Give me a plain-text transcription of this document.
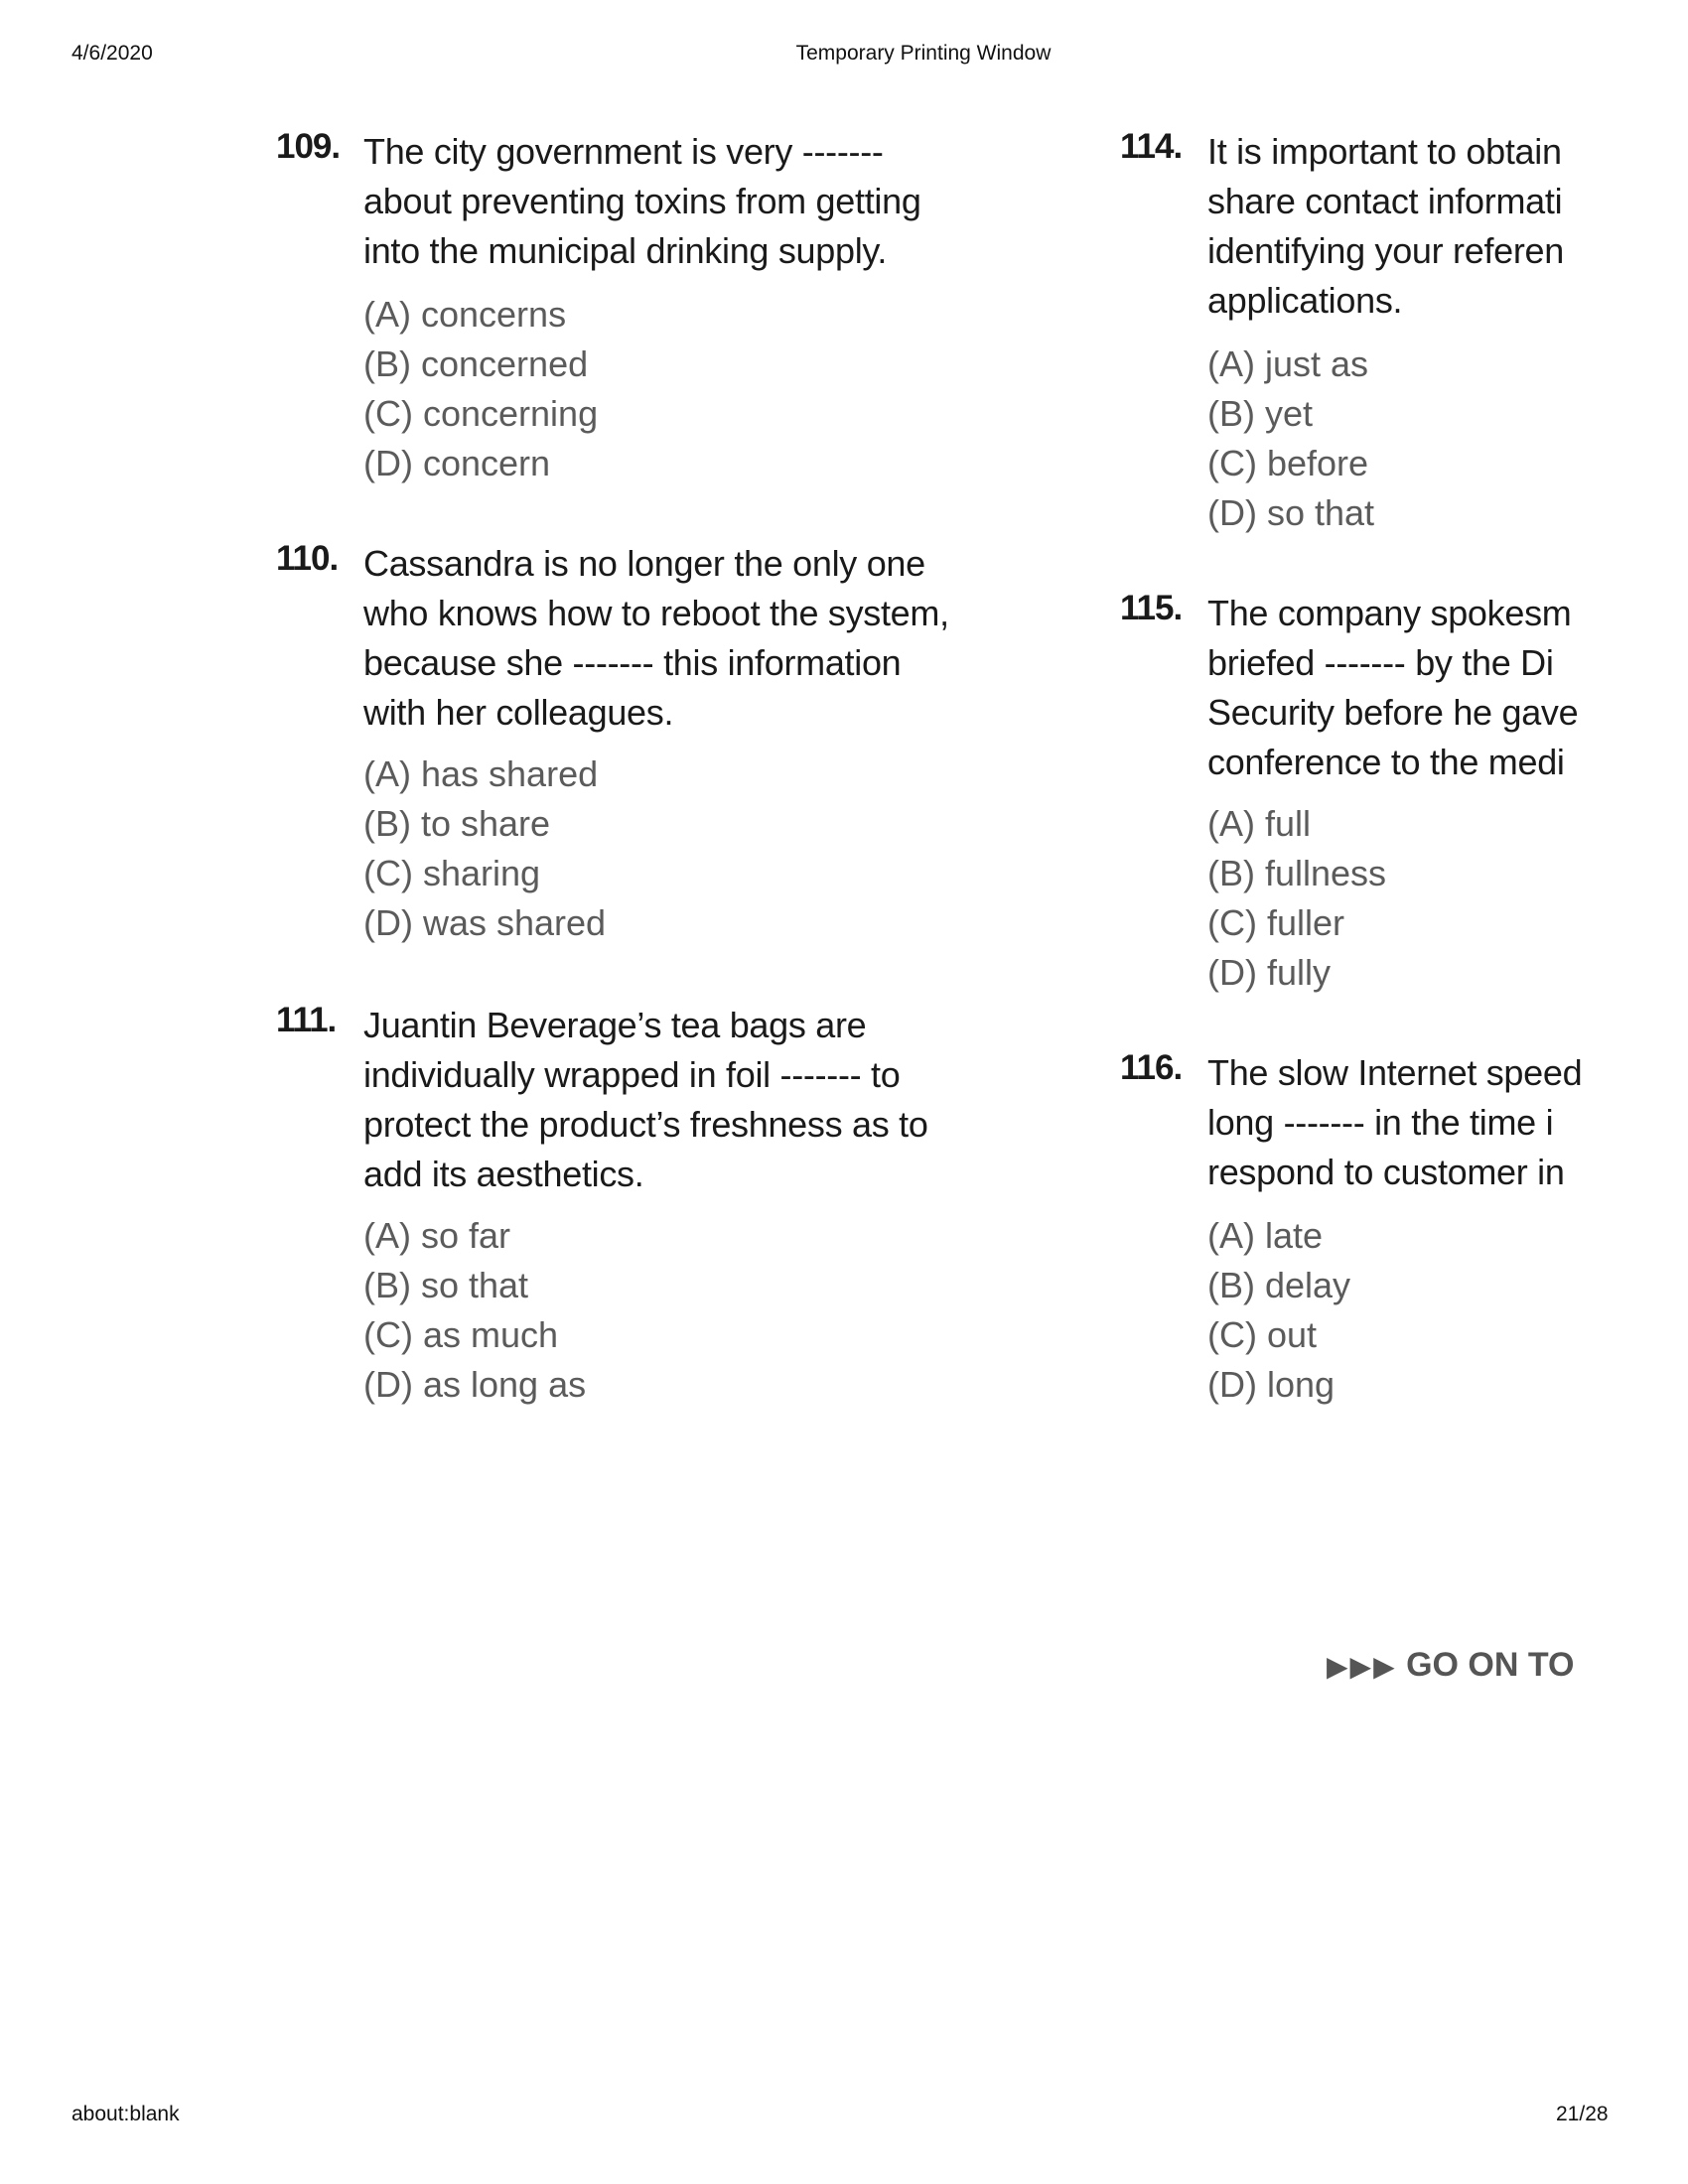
4/6/2020	Temporary Printing Window
109. The city government is very -------
about preventing toxins from getting
into the municipal drinking supply.
(A) concerns
(B) concerned
(C) concerning
(D) concern
110. Cassandra is no longer the only one
who knows how to reboot the system,
because she ------- this information
with her colleagues.
(A) has shared
(B) to share
(C) sharing
(D) was shared
111. Juantin Beverage’s tea bags are
individually wrapped in foil ------- to
protect the product’s freshness as to
add its aesthetics.
(A) so far
(B) so that
(C) as much
(D) as long as
114. It is important to obtain
share contact informati
identifying your referen
applications.
(A) just as
(B) yet
(C) before
(D) so that
115. The company spokesm
briefed ------- by the Di
Security before he gave
conference to the medi
(A) full
(B) fullness
(C) fuller
(D) fully
116. The slow Internet speed
long ------- in the time i
respond to customer in
(A) late
(B) delay
(C) out
(D) long
▶▶▶ GO ON TO
about:blank	21/28
